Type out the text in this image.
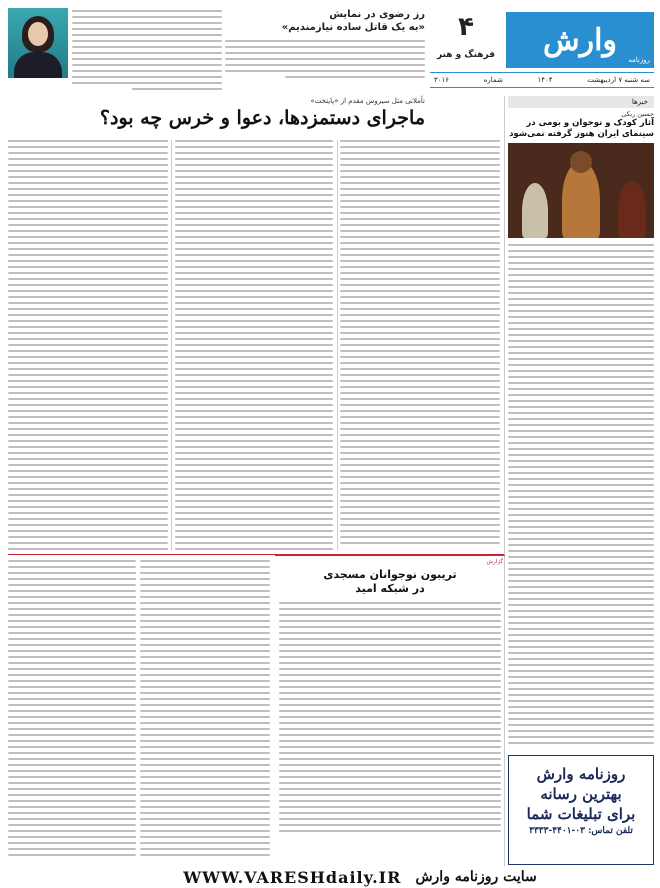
رز رضوی در نمایش
«به یک قاتل ساده نیازمندیم»	وارش
روزنامه
۴
فرهنگ و هنر
سه شنبه ۷ اردیبهشت
۱۴۰۴
شماره
۳۰۱۶
تأملاتی مثل سیروس مقدم از «پایتخت»
ماجرای دستمزدها، دعوا و خرس چه بود؟
خبرها
حسین ربکی
آثار کودک و نوجوان و بومی در سینمای ایران هنوز گرفته نمی‌شود
گزارش
تریبون نوجوانان مسجدی
در شبکه امید
روزنامه وارش
بهترین رسانه
برای تبلیغات شما
تلفن تماس: ۰۳-۴۴۰۱-۳۳۳۳
WWW.VARESHdaily.IR سایت روزنامه وارش
